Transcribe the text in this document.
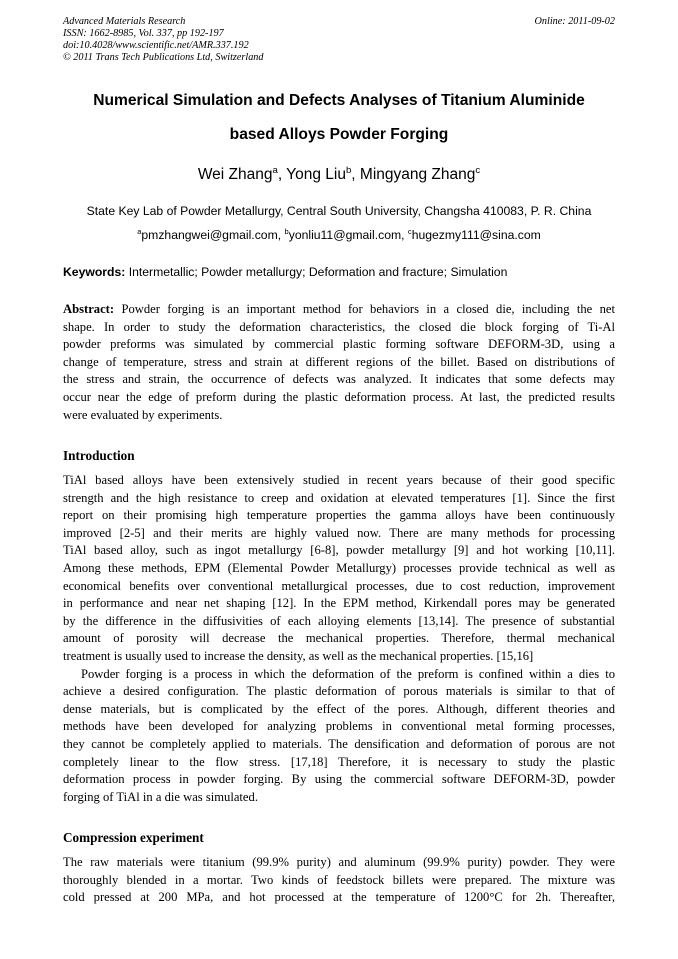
Advanced Materials Research
ISSN: 1662-8985, Vol. 337, pp 192-197
doi:10.4028/www.scientific.net/AMR.337.192
© 2011 Trans Tech Publications Ltd, Switzerland
Online: 2011-09-02
Numerical Simulation and Defects Analyses of Titanium Aluminide
based Alloys Powder Forging
Wei Zhang$^a$, Yong Liu$^b$, Mingyang Zhang$^c$
State Key Lab of Powder Metallurgy, Central South University, Changsha 410083, P. R. China
$^a$pmzhangwei@gmail.com, $^b$yonliu11@gmail.com, $^c$hugezmy111@sina.com
Keywords: Intermetallic; Powder metallurgy; Deformation and fracture; Simulation
Abstract: Powder forging is an important method for behaviors in a closed die, including the net
shape. In order to study the deformation characteristics, the closed die block forging of Ti-Al
powder preforms was simulated by commercial plastic forming software DEFORM-3D, using a
change of temperature, stress and strain at different regions of the billet. Based on distributions of
the stress and strain, the occurrence of defects was analyzed. It indicates that some defects may
occur near the edge of preform during the plastic deformation process. At last, the predicted results
were evaluated by experiments.
Introduction
TiAl based alloys have been extensively studied in recent years because of their good specific
strength and the high resistance to creep and oxidation at elevated temperatures [1]. Since the first
report on their promising high temperature properties the gamma alloys have been continuously
improved [2-5] and their merits are highly valued now. There are many methods for processing
TiAl based alloy, such as ingot metallurgy [6-8], powder metallurgy [9] and hot working [10,11].
Among these methods, EPM (Elemental Powder Metallurgy) processes provide technical as well as
economical benefits over conventional metallurgical processes, due to cost reduction, improvement
in performance and near net shaping [12]. In the EPM method, Kirkendall pores may be generated
by the difference in the diffusivities of each alloying elements [13,14]. The presence of substantial
amount of porosity will decrease the mechanical properties. Therefore, thermal mechanical
treatment is usually used to increase the density, as well as the mechanical properties. [15,16]
Powder forging is a process in which the deformation of the preform is confined within a dies to
achieve a desired configuration. The plastic deformation of porous materials is similar to that of
dense materials, but is complicated by the effect of the pores. Although, different theories and
methods have been developed for analyzing problems in conventional metal forming processes,
they cannot be completely applied to materials. The densification and deformation of porous are not
completely linear to the flow stress. [17,18] Therefore, it is necessary to study the plastic
deformation process in powder forging. By using the commercial software DEFORM-3D, powder
forging of TiAl in a die was simulated.
Compression experiment
The raw materials were titanium (99.9% purity) and aluminum (99.9% purity) powder. They were
thoroughly blended in a mortar. Two kinds of feedstock billets were prepared. The mixture was
cold pressed at 200 MPa, and hot processed at the temperature of 1200°C for 2h. Thereafter,
